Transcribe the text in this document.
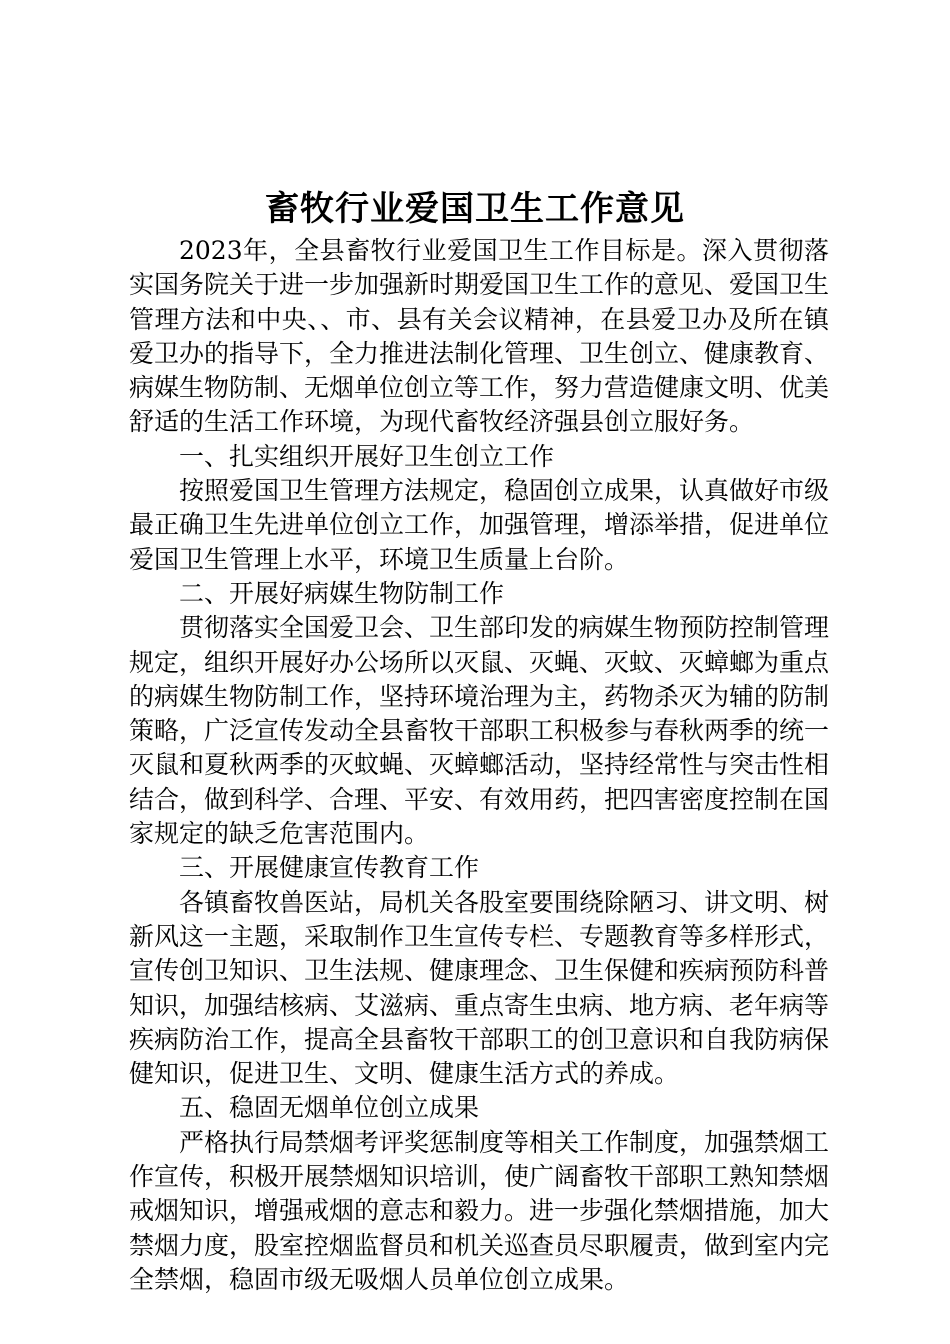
畜牧行业爱国卫生工作意见

2023年，全县畜牧行业爱国卫生工作目标是。深入贯彻落实国务院关于进一步加强新时期爱国卫生工作的意见、爱国卫生管理方法和中央、、市、县有关会议精神，在县爱卫办及所在镇爱卫办的指导下，全力推进法制化管理、卫生创立、健康教育、病媒生物防制、无烟单位创立等工作，努力营造健康文明、优美舒适的生活工作环境，为现代畜牧经济强县创立服好务。

一、扎实组织开展好卫生创立工作

按照爱国卫生管理方法规定，稳固创立成果，认真做好市级最正确卫生先进单位创立工作，加强管理，增添举措，促进单位爱国卫生管理上水平，环境卫生质量上台阶。

二、开展好病媒生物防制工作

贯彻落实全国爱卫会、卫生部印发的病媒生物预防控制管理规定，组织开展好办公场所以灭鼠、灭蝇、灭蚊、灭蟑螂为重点的病媒生物防制工作，坚持环境治理为主，药物杀灭为辅的防制策略，广泛宣传发动全县畜牧干部职工积极参与春秋两季的统一灭鼠和夏秋两季的灭蚊蝇、灭蟑螂活动，坚持经常性与突击性相结合，做到科学、合理、平安、有效用药，把四害密度控制在国家规定的缺乏危害范围内。

三、开展健康宣传教育工作

各镇畜牧兽医站，局机关各股室要围绕除陋习、讲文明、树新风这一主题，采取制作卫生宣传专栏、专题教育等多样形式，宣传创卫知识、卫生法规、健康理念、卫生保健和疾病预防科普知识，加强结核病、艾滋病、重点寄生虫病、地方病、老年病等疾病防治工作，提高全县畜牧干部职工的创卫意识和自我防病保健知识，促进卫生、文明、健康生活方式的养成。

五、稳固无烟单位创立成果

严格执行局禁烟考评奖惩制度等相关工作制度，加强禁烟工作宣传，积极开展禁烟知识培训，使广阔畜牧干部职工熟知禁烟戒烟知识，增强戒烟的意志和毅力。进一步强化禁烟措施，加大禁烟力度，股室控烟监督员和机关巡查员尽职履责，做到室内完全禁烟，稳固市级无吸烟人员单位创立成果。
